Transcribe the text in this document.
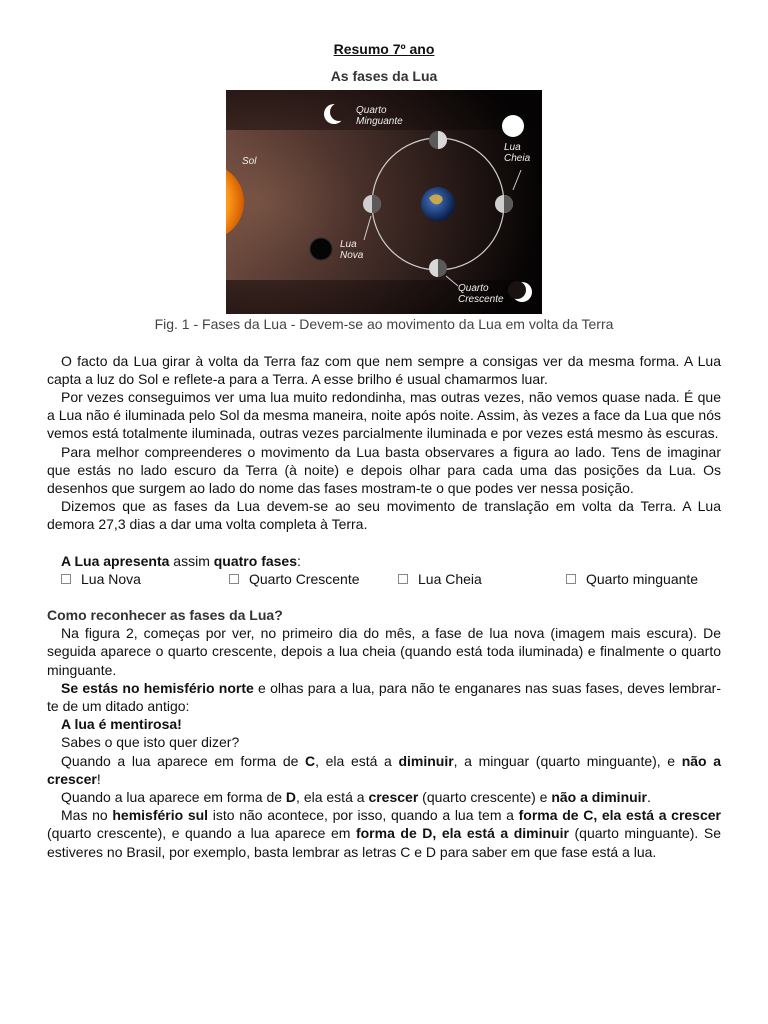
Resumo 7º ano
As fases da Lua
Sol
Quarto
Minguante
Lua
Cheia
Lua
Nova
Quarto
Crescente
Fig. 1 - Fases da Lua - Devem-se ao movimento da Lua em volta da Terra

O facto da Lua girar à volta da Terra faz com que nem sempre a consigas ver da mesma forma. A Lua capta a luz do Sol e reflete-a para a Terra. A esse brilho é usual chamarmos luar.

Por vezes conseguimos ver uma lua muito redondinha, mas outras vezes, não vemos quase nada. É que a Lua não é iluminada pelo Sol da mesma maneira, noite após noite. Assim, às vezes a face da Lua que nós vemos está totalmente iluminada, outras vezes parcialmente iluminada e por vezes está mesmo às escuras.

Para melhor compreenderes o movimento da Lua basta observares a figura ao lado. Tens de imaginar que estás no lado escuro da Terra (à noite) e depois olhar para cada uma das posições da Lua. Os desenhos que surgem ao lado do nome das fases mostram-te o que podes ver nessa posição.

Dizemos que as fases da Lua devem-se ao seu movimento de translação em volta da Terra. A Lua demora 27,3 dias a dar uma volta completa à Terra.

A Lua apresenta assim quatro fases:
Lua Nova	Quarto Crescente	Lua Cheia	Quarto minguante
Como reconhecer as fases da Lua?

Na figura 2, começas por ver, no primeiro dia do mês, a fase de lua nova (imagem mais escura). De seguida aparece o quarto crescente, depois a lua cheia (quando está toda iluminada) e finalmente o quarto minguante.

Se estás no hemisfério norte e olhas para a lua, para não te enganares nas suas fases, deves lembrar-te de um ditado antigo:

A lua é mentirosa!

Sabes o que isto quer dizer?

Quando a lua aparece em forma de C, ela está a diminuir, a minguar (quarto minguante), e não a crescer!

Quando a lua aparece em forma de D, ela está a crescer (quarto crescente) e não a diminuir.

Mas no hemisfério sul isto não acontece, por isso, quando a lua tem a forma de C, ela está a crescer (quarto crescente), e quando a lua aparece em forma de D, ela está a diminuir (quarto minguante). Se estiveres no Brasil, por exemplo, basta lembrar as letras C e D para saber em que fase está a lua.
